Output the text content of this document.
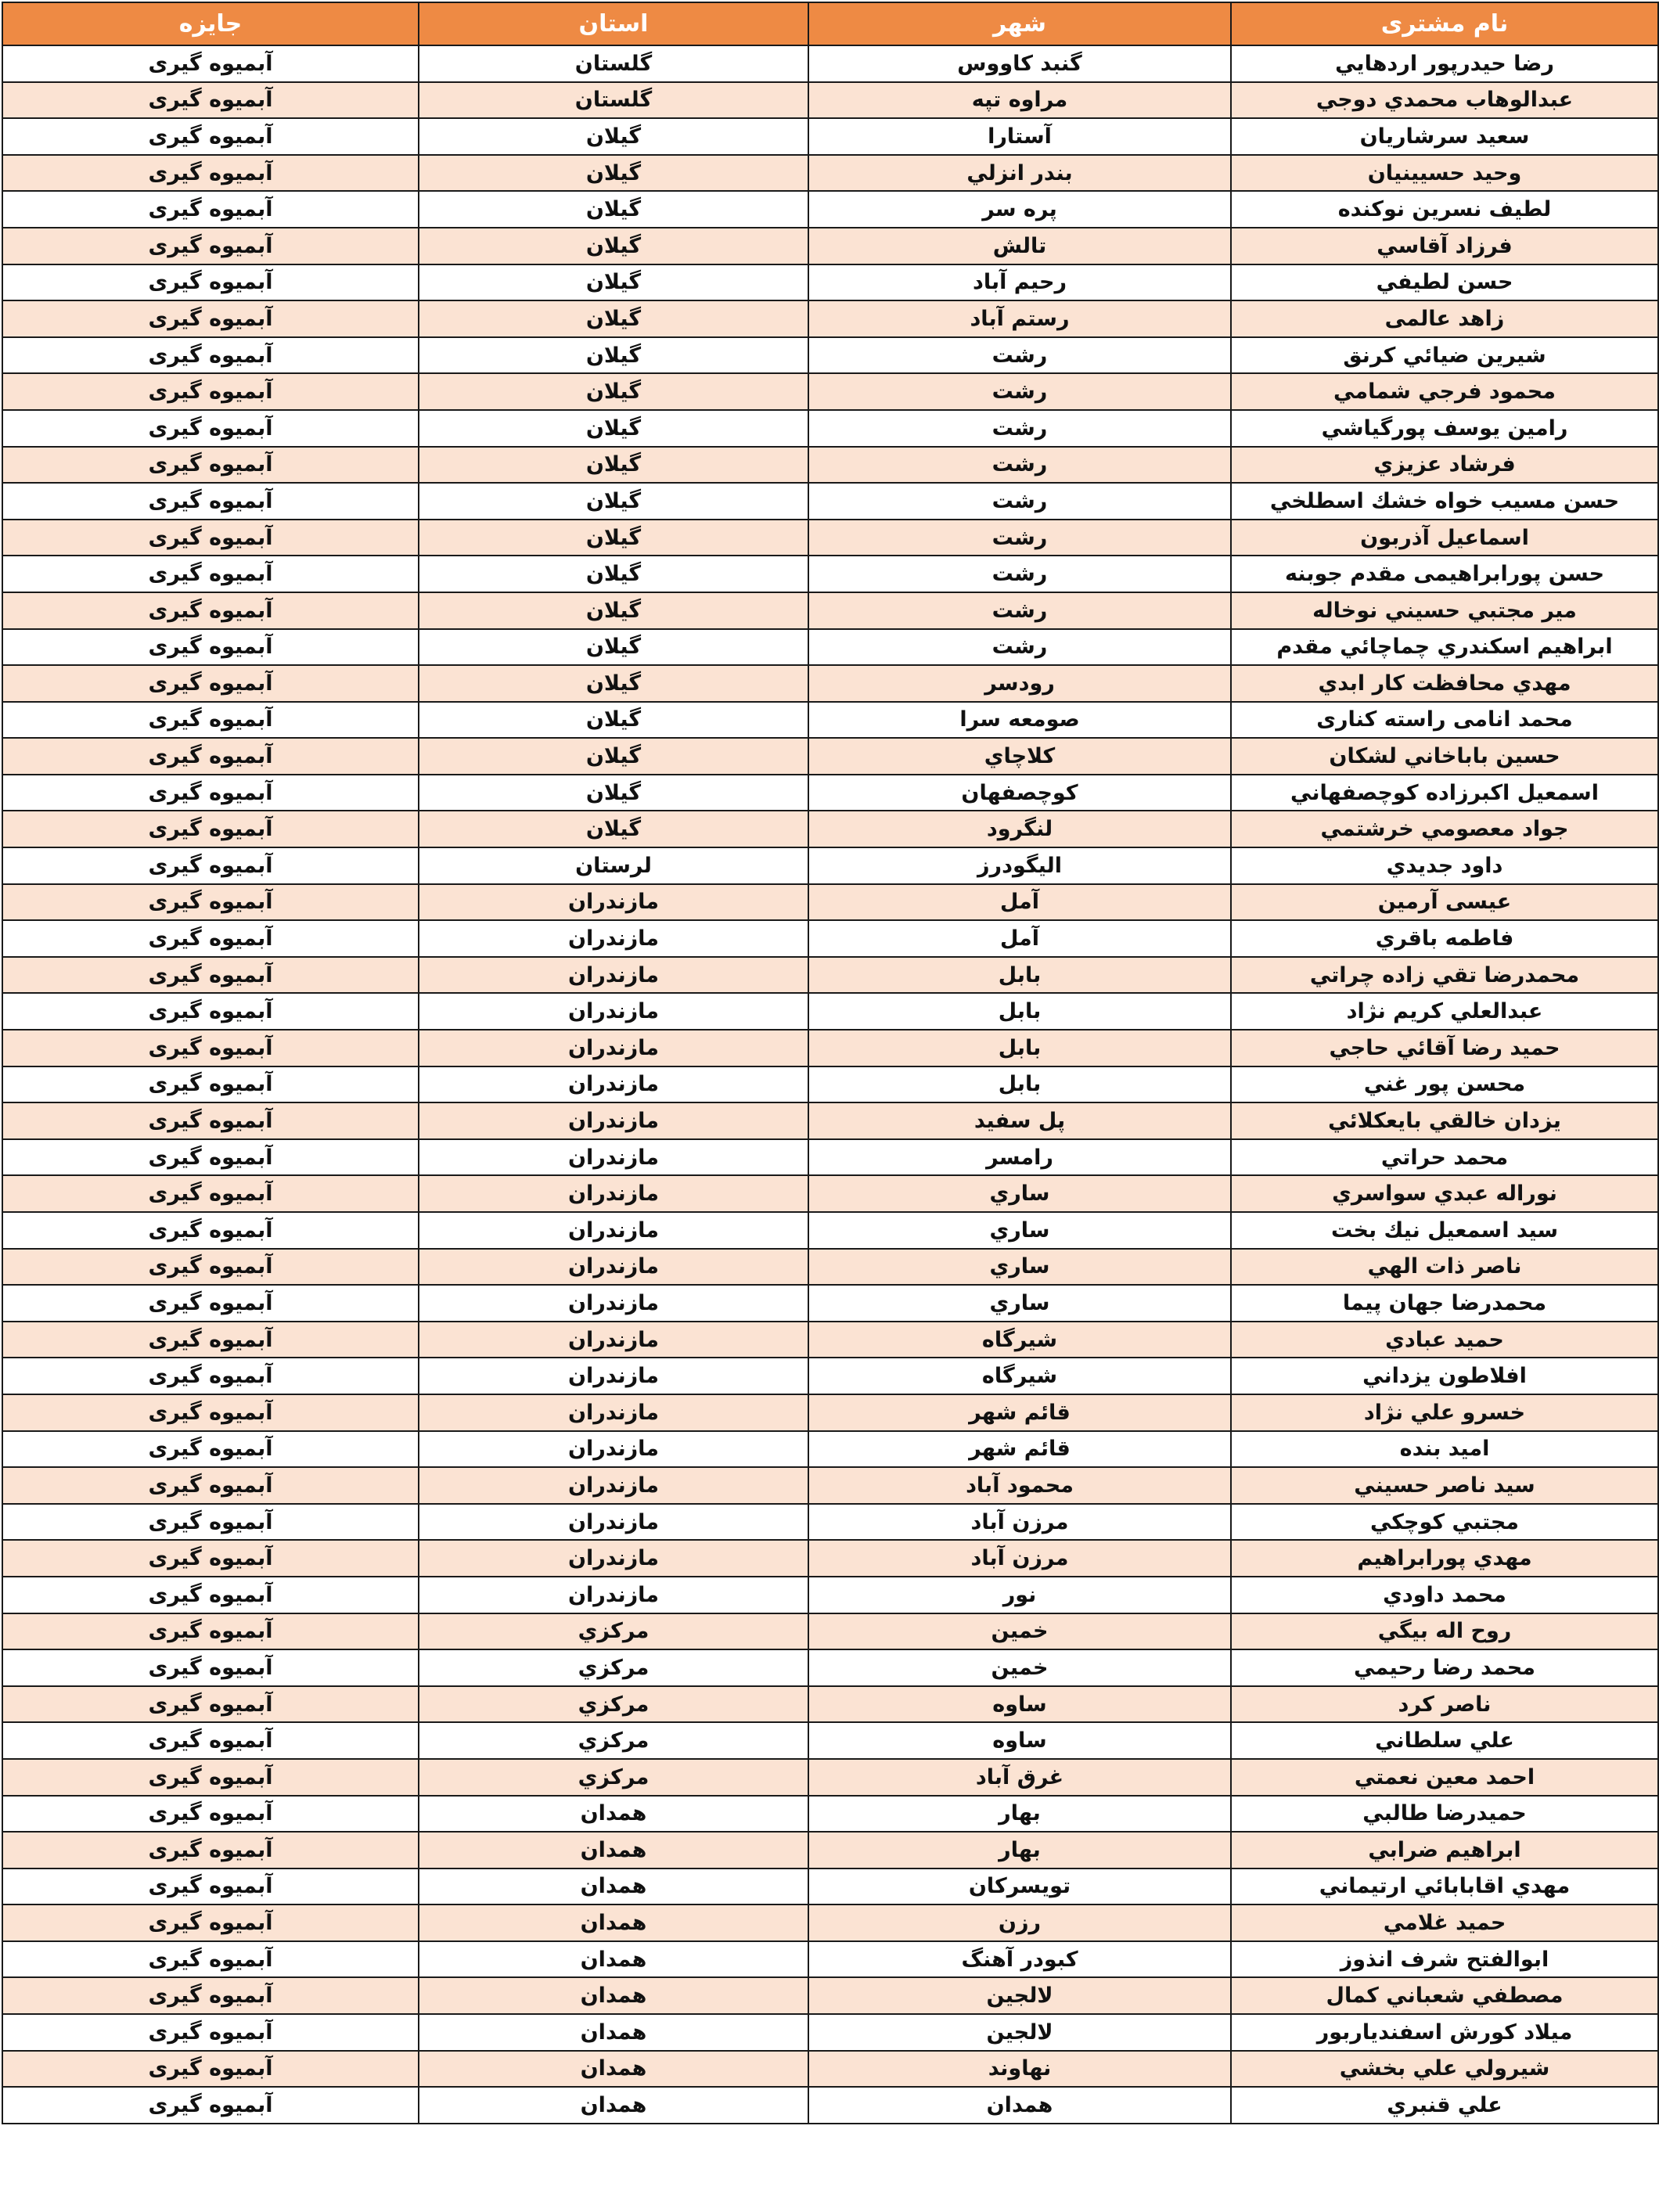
نام مشتری	شهر	استان	جایزه
رضا حيدرپور اردهايي	گنبد کاووس	گلستان	آبمیوه گیری
عبدالوهاب محمدي دوجي	مراوه تپه	گلستان	آبمیوه گیری
سعيد سرشاريان	آستارا	گیلان	آبمیوه گیری
وحيد حسيينيان	بندر انزلي	گیلان	آبمیوه گیری
لطيف نسرين نوكنده	پره سر	گیلان	آبمیوه گیری
فرزاد آقاسي	تالش	گیلان	آبمیوه گیری
حسن لطيفي	رحيم آباد	گیلان	آبمیوه گیری
زاهد عالمی	رستم آباد	گیلان	آبمیوه گیری
شيرين ضيائي كرنق	رشت	گیلان	آبمیوه گیری
محمود فرجي شمامي	رشت	گیلان	آبمیوه گیری
رامين يوسف پورگياشي	رشت	گیلان	آبمیوه گیری
فرشاد عزيزي	رشت	گیلان	آبمیوه گیری
حسن مسيب خواه خشك اسطلخي	رشت	گیلان	آبمیوه گیری
اسماعيل آذربون	رشت	گیلان	آبمیوه گیری
حسن پورابراهيمی مقدم جوبنه	رشت	گیلان	آبمیوه گیری
مير مجتبي حسيني نوخاله	رشت	گیلان	آبمیوه گیری
ابراهيم اسكندري چماچائي مقدم	رشت	گیلان	آبمیوه گیری
مهدي محافظت كار ابدي	رودسر	گیلان	آبمیوه گیری
محمد انامی راسته کناری	صومعه سرا	گیلان	آبمیوه گیری
حسين باباخاني لشكان	كلاچاي	گیلان	آبمیوه گیری
اسمعيل اكبرزاده كوچصفهاني	كوچصفهان	گیلان	آبمیوه گیری
جواد معصومي خرشتمي	لنگرود	گیلان	آبمیوه گیری
داود جديدي	اليگودرز	لرستان	آبمیوه گیری
عيسی آرمين	آمل	مازندران	آبمیوه گیری
فاطمه باقري	آمل	مازندران	آبمیوه گیری
محمدرضا تقي زاده چراتي	بابل	مازندران	آبمیوه گیری
عبدالعلي كريم نژاد	بابل	مازندران	آبمیوه گیری
حميد رضا آقائي حاجي	بابل	مازندران	آبمیوه گیری
محسن پور غني	بابل	مازندران	آبمیوه گیری
يزدان خالقي بايعكلائي	پل سفيد	مازندران	آبمیوه گیری
محمد حراتي	رامسر	مازندران	آبمیوه گیری
نوراله عبدي سواسري	ساري	مازندران	آبمیوه گیری
سيد اسمعيل نيك بخت	ساري	مازندران	آبمیوه گیری
ناصر ذات الهي	ساري	مازندران	آبمیوه گیری
محمدرضا جهان پيما	ساري	مازندران	آبمیوه گیری
حميد عبادي	شيرگاه	مازندران	آبمیوه گیری
افلاطون يزداني	شيرگاه	مازندران	آبمیوه گیری
خسرو علي نژاد	قائم شهر	مازندران	آبمیوه گیری
اميد بنده	قائم شهر	مازندران	آبمیوه گیری
سيد ناصر حسيني	محمود آباد	مازندران	آبمیوه گیری
مجتبي كوچكي	مرزن آباد	مازندران	آبمیوه گیری
مهدي پورابراهيم	مرزن آباد	مازندران	آبمیوه گیری
محمد داودي	نور	مازندران	آبمیوه گیری
روح اله بيگي	خمين	مركزي	آبمیوه گیری
محمد رضا رحيمي	خمين	مركزي	آبمیوه گیری
ناصر كرد	ساوه	مركزي	آبمیوه گیری
علي سلطاني	ساوه	مركزي	آبمیوه گیری
احمد معين نعمتي	غرق آباد	مركزي	آبمیوه گیری
حميدرضا طالبي	بهار	همدان	آبمیوه گیری
ابراهيم ضرابي	بهار	همدان	آبمیوه گیری
مهدي اقابابائي ارتيماني	تويسركان	همدان	آبمیوه گیری
حميد غلامي	رزن	همدان	آبمیوه گیری
ابوالفتح شرف انذوز	كبودر آهنگ	همدان	آبمیوه گیری
مصطفي شعباني كمال	لالجين	همدان	آبمیوه گیری
ميلاد كورش اسفندياربور	لالجين	همدان	آبمیوه گیری
شيرولي علي بخشي	نهاوند	همدان	آبمیوه گیری
علي قنبري	همدان	همدان	آبمیوه گیری
